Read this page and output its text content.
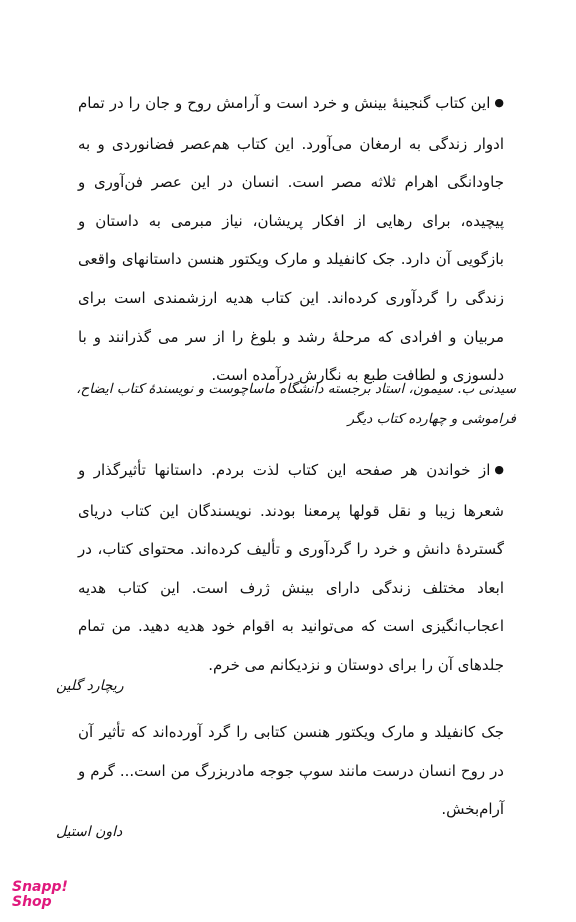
●این کتاب گنجینهٔ بینش و خرد است و آرامش روح و جان را در تمام ادوار زندگی به ارمغان می‌آورد. این کتاب هم‌عصر فضانوردی و به جاودانگی اهرام ثلاثه مصر است. انسان در این عصر فن‌آوری و پیچیده، برای رهایی از افکار پریشان، نیاز مبرمی به داستان و بازگویی آن دارد. جک کانفیلد و مارک ویکتور هنسن داستانهای واقعی زندگی را گردآوری کرده‌اند. این کتاب هدیه ارزشمندی است برای مربیان و افرادی که مرحلهٔ رشد و بلوغ را از سر می گذرانند و با دلسوزی و لطافت طبع به نگارش درآمده است.

سیدنی ب. سیمون، استاد برجسته دانشگاه ماساچوست و نویسندهٔ کتاب ایضاح، فراموشی و چهارده کتاب دیگر

●از خواندن هر صفحه این کتاب لذت بردم. داستانها تأثیرگذار و شعرها زیبا و نقل قولها پرمعنا بودند. نویسندگان این کتاب دریای گستردهٔ دانش و خرد را گردآوری و تألیف کرده‌اند. محتوای کتاب، در ابعاد مختلف زندگی دارای بینش ژرف است. این کتاب هدیه اعجاب‌انگیزی است که می‌توانید به اقوام خود هدیه دهید. من تمام جلدهای آن را برای دوستان و نزدیکانم می خرم.

ریچارد گلین

جک کانفیلد و مارک ویکتور هنسن کتابی را گرد آورده‌اند که تأثیر آن در روح انسان درست مانند سوپ جوجه مادربزرگ من است... گرم و آرام‌بخش.

داون استیل

Snapp!
Shop
